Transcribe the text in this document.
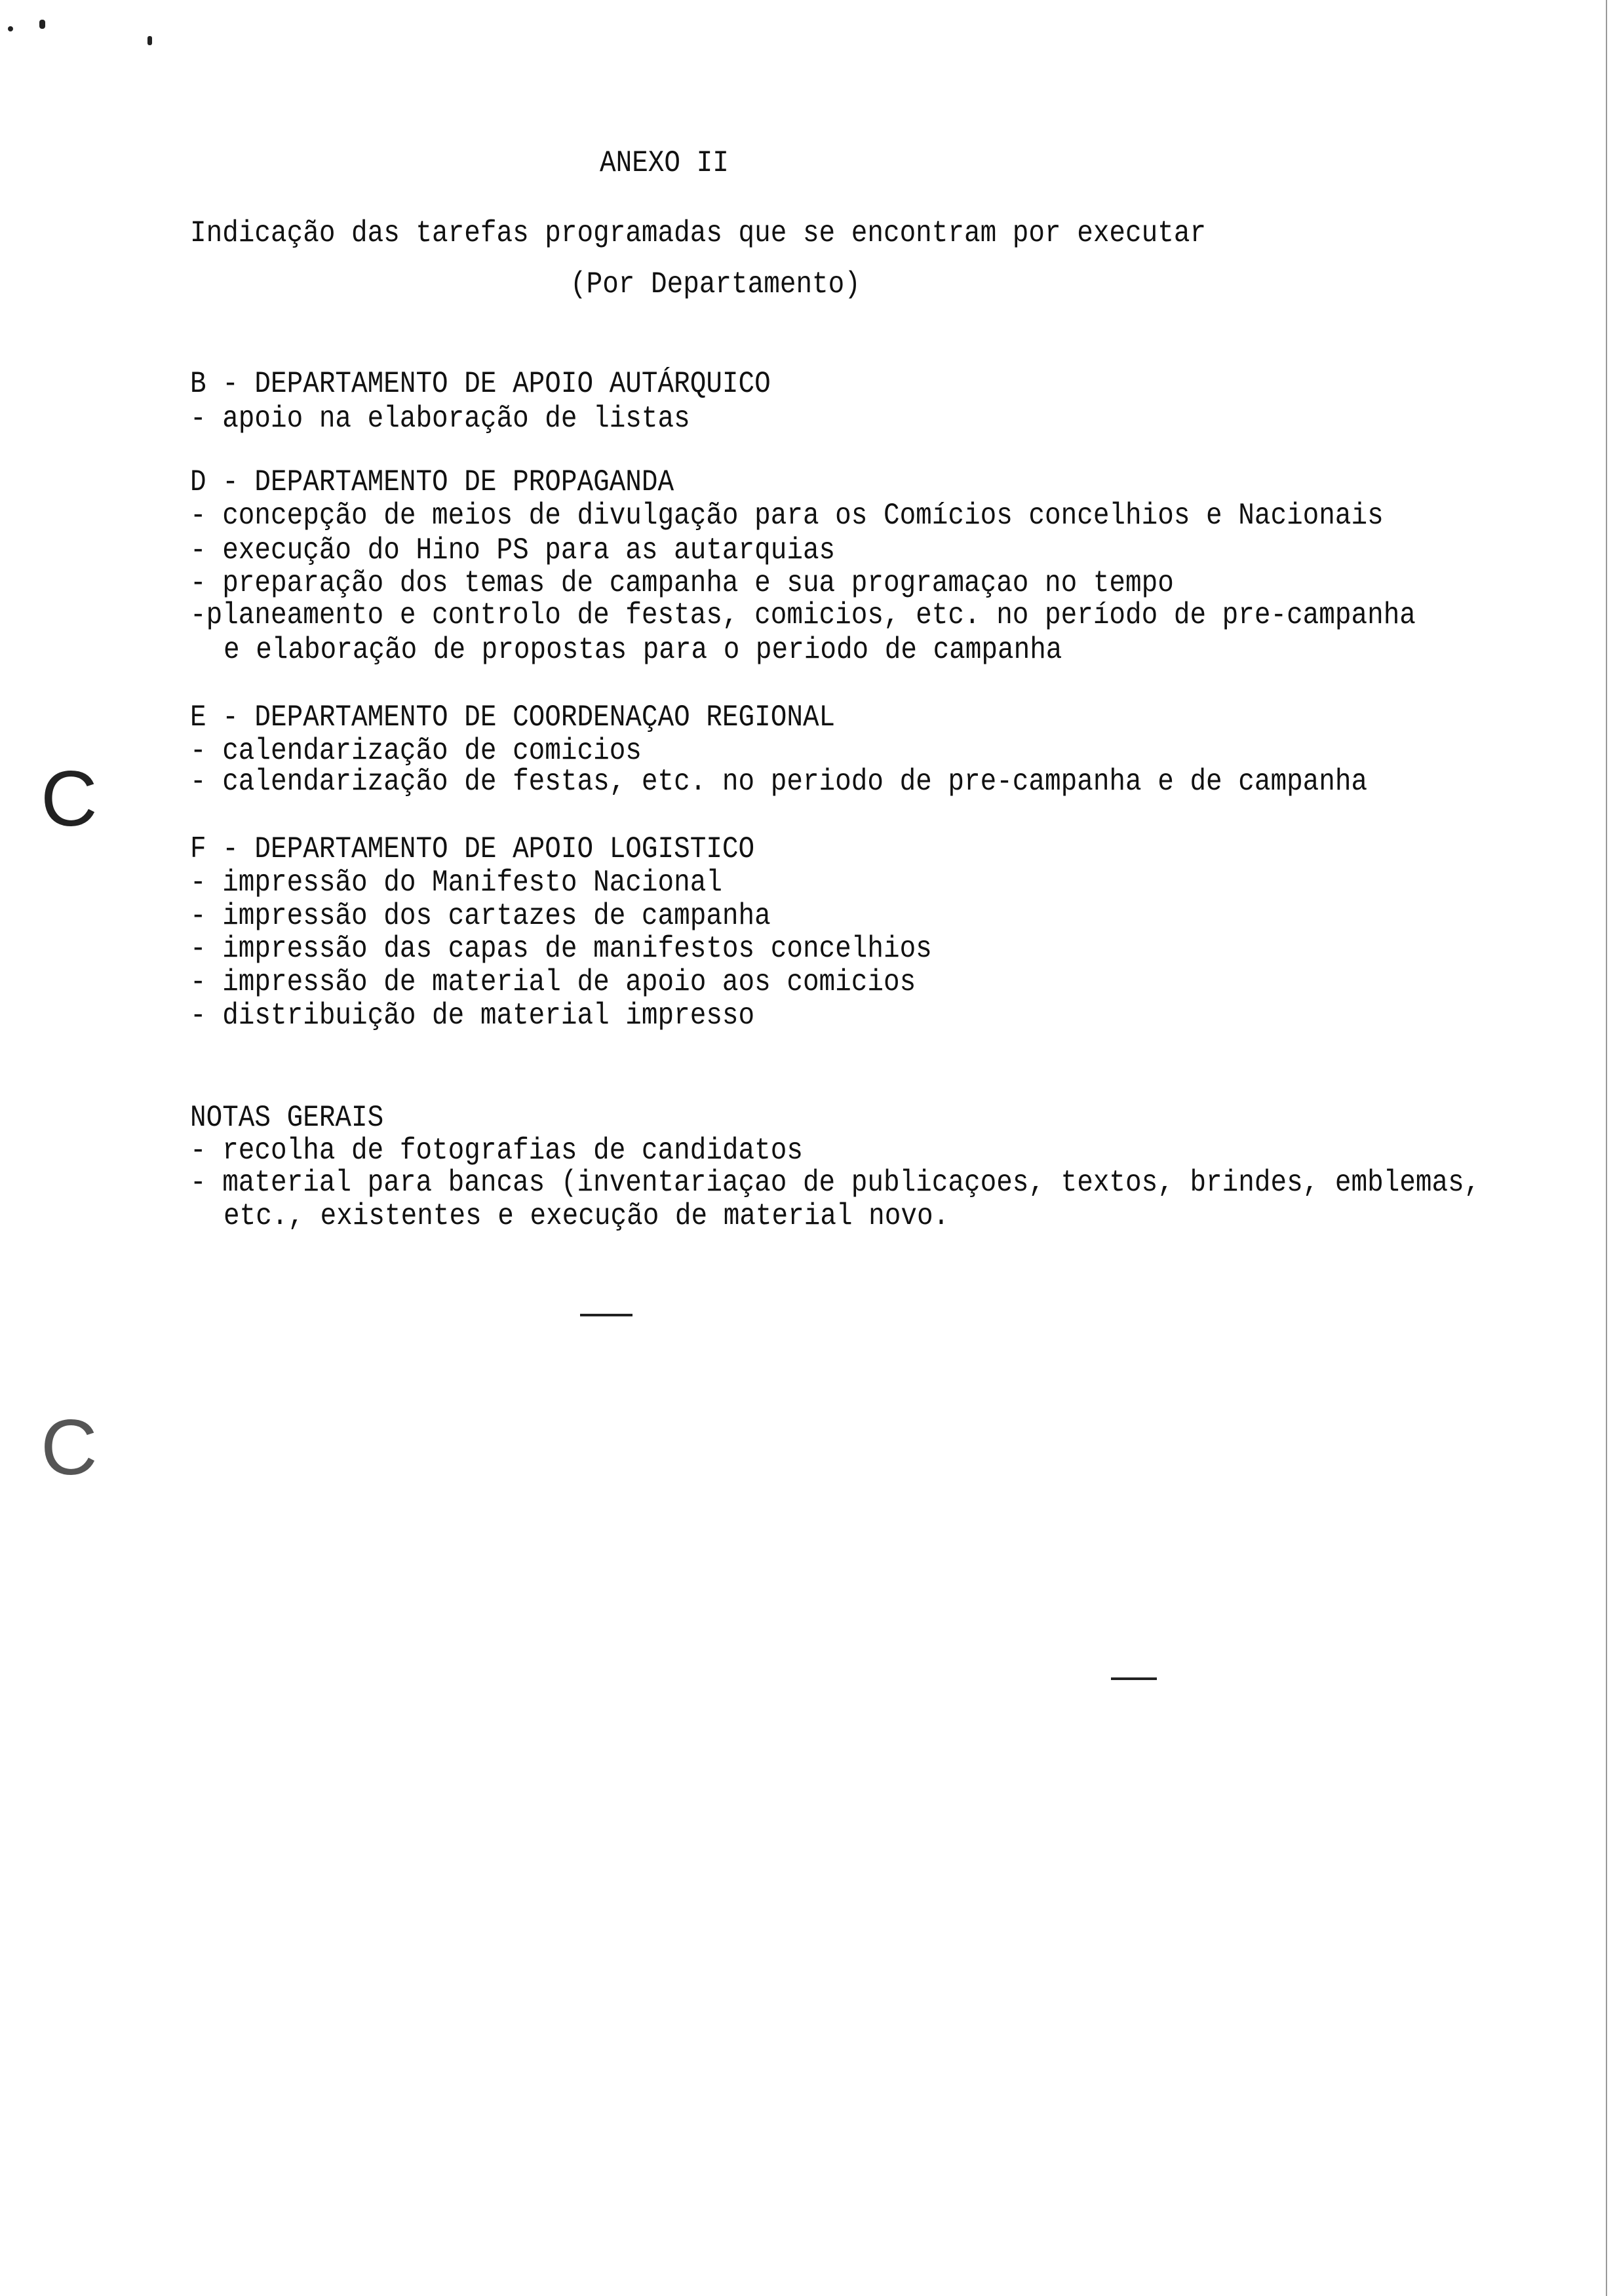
ANEXO II
Indicação das tarefas programadas que se encontram por executar
(Por Departamento)
B - DEPARTAMENTO DE APOIO AUTÁRQUICO
- apoio na elaboração de listas
D - DEPARTAMENTO DE PROPAGANDA
- concepção de meios de divulgação para os Comícios concelhios e Nacionais
- execução do Hino PS para as autarquias
- preparação dos temas de campanha e sua programaçao no tempo
-planeamento e controlo de festas, comicios, etc. no período de pre-campanha
e elaboração de propostas para o periodo de campanha
E - DEPARTAMENTO DE COORDENAÇAO REGIONAL
- calendarização de comicios
- calendarização de festas, etc. no periodo de pre-campanha e de campanha
F - DEPARTAMENTO DE APOIO LOGISTICO
- impressão do Manifesto Nacional
- impressão dos cartazes de campanha
- impressão das capas de manifestos concelhios
- impressão de material de apoio aos comicios
- distribuição de material impresso
NOTAS GERAIS
- recolha de fotografias de candidatos
- material para bancas (inventariaçao de publicaçoes, textos, brindes, emblemas,
etc., existentes e execução de material novo.
C
C
